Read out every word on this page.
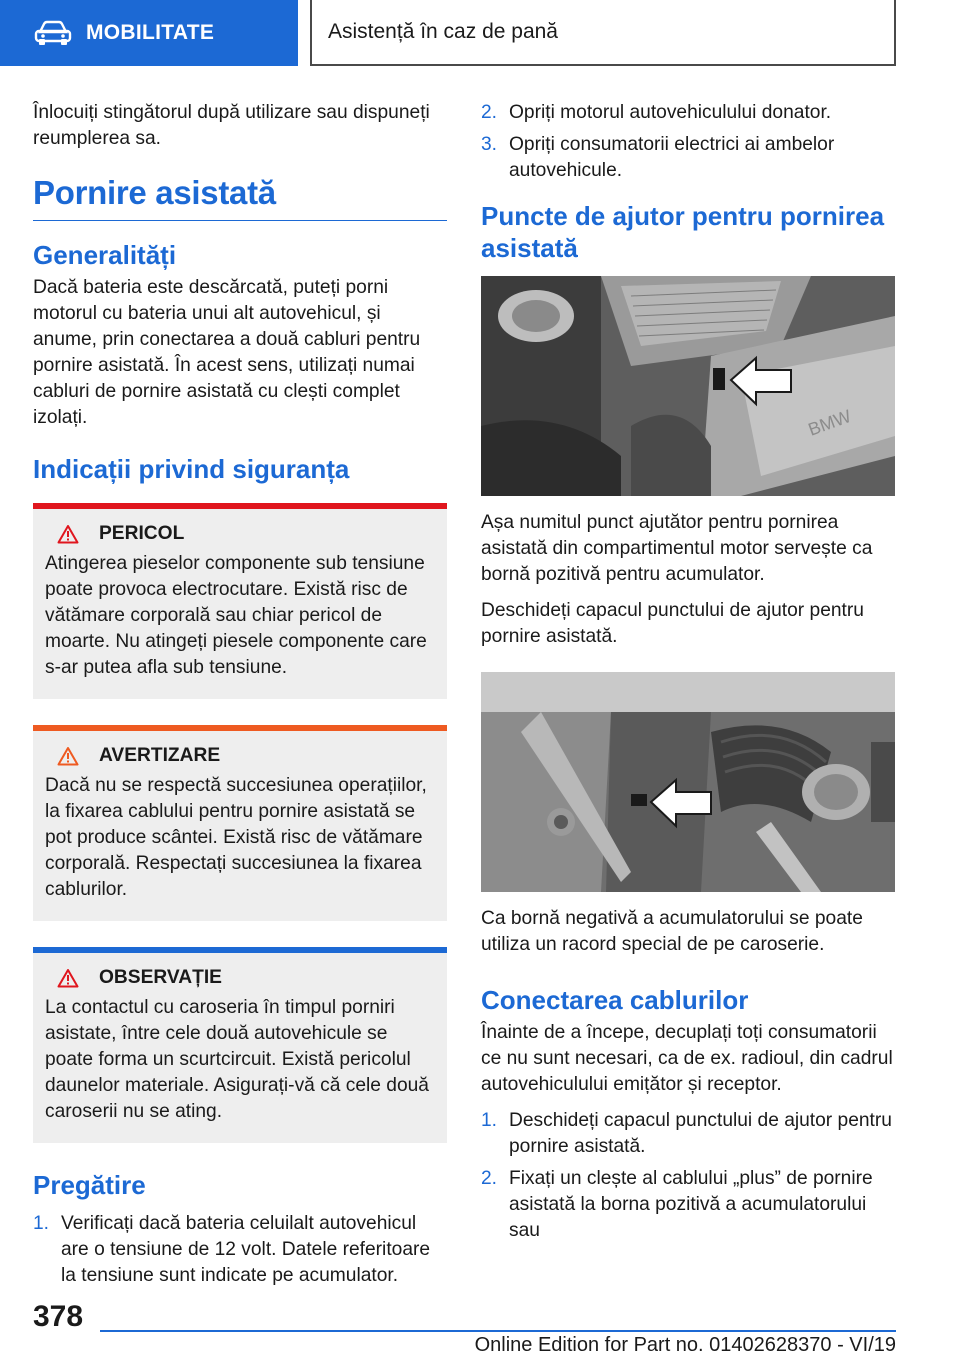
MOBILITATE	Asistență în caz de pană

Înlocuiți stingătorul după utilizare sau dispuneți reumplerea sa.

Pornire asistată
Generalități

Dacă bateria este descărcată, puteți porni motorul cu bateria unui alt autovehicul, și anume, prin conectarea a două cabluri pentru pornire asistată. În acest sens, utilizați numai cabluri de pornire asistată cu clești complet izolați.

Indicații privind siguranța
PERICOL

Atingerea pieselor componente sub tensiune poate provoca electrocutare. Există risc de vătămare corporală sau chiar pericol de moarte. Nu atingeți piesele componente care s-ar putea afla sub tensiune.

AVERTIZARE

Dacă nu se respectă succesiunea operațiilor, la fixarea cablului pentru pornire asistată se pot produce scântei. Există risc de vătămare corporală. Respectați succesiunea la fixarea cablurilor.

OBSERVAȚIE

La contactul cu caroseria în timpul porniri asistate, între cele două autovehicule se poate forma un scurtcircuit. Există pericolul daunelor materiale. Asigurați-vă că cele două caroserii nu se ating.

Pregătire
1. Verificați dacă bateria celuilalt autovehicul are o tensiune de 12 volt. Datele referitoare la tensiune sunt indicate pe acumulator.
2. Opriți motorul autovehiculului donator.
3. Opriți consumatorii electrici ai ambelor autovehicule.
Puncte de ajutor pentru pornirea asistată
BMW

Așa numitul punct ajutător pentru pornirea asistată din compartimentul motor servește ca bornă pozitivă pentru acumulator.

Deschideți capacul punctului de ajutor pentru pornire asistată.

Ca bornă negativă a acumulatorului se poate utiliza un racord special de pe caroserie.

Conectarea cablurilor

Înainte de a începe, decuplați toți consumatorii ce nu sunt necesari, ca de ex. radioul, din cadrul autovehiculului emițător și receptor.

1. Deschideți capacul punctului de ajutor pentru pornire asistată.
2. Fixați un clește al cablului „plus” de pornire asistată la borna pozitivă a acumulatorului sau
378
Online Edition for Part no. 01402628370 - VI/19
